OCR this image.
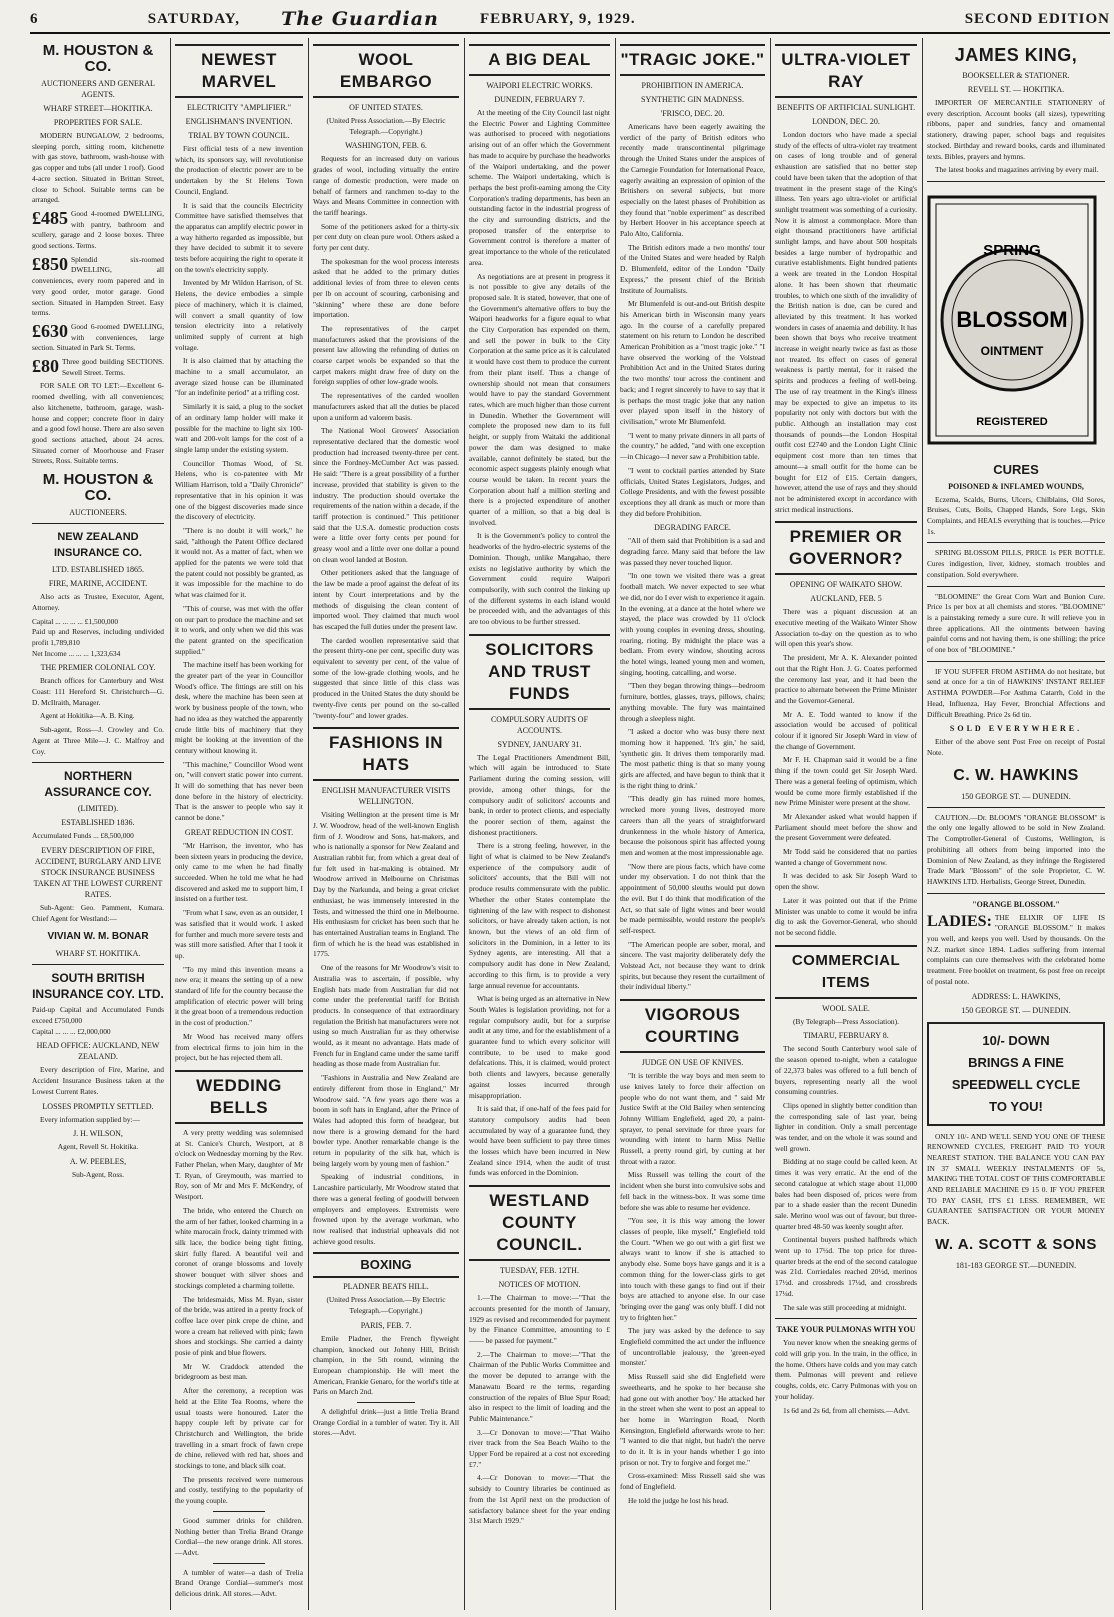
6	SATURDAY,	The Guardian	FEBRUARY, 9, 1929.	SECOND EDITION
M. HOUSTON & CO.
AUCTIONEERS AND GENERAL AGENTS.
WHARF STREET—HOKITIKA.
PROPERTIES FOR SALE.

MODERN BUNGALOW, 2 bedrooms, sleeping porch, sitting room, kitchenette with gas stove, bathroom, wash-house with gas copper and tubs (all under 1 roof). Good 4-acre section. Situated in Brittan Street, close to School. Suitable terms can be arranged.

£485 Good 4-roomed DWELLING, with pantry, bathroom and scullery, garage and 2 loose boxes. Three good sections. Terms.
£850 Splendid six-roomed DWELLING, all conveniences, every room papered and in very good order, motor garage. Good section. Situated in Hampden Street. Easy terms.
£630 Good 6-roomed DWELLING, with conveniences, large section. Situated in Park St. Terms.
£80 Three good building SECTIONS. Sewell Street. Terms.

FOR SALE OR TO LET:—Excellent 6-roomed dwelling, with all conveniences; also kitchenette, bathroom, garage, wash-house and copper; concrete floor in dairy and a good fowl house. There are also seven good sections attached, about 24 acres. Situated corner of Moorhouse and Fraser Streets, Ross. Suitable terms.

M. HOUSTON & CO.
AUCTIONEERS.
NEW ZEALAND INSURANCE CO.
LTD. ESTABLISHED 1865.
FIRE, MARINE, ACCIDENT.

Also acts as Trustee, Executor, Agent, Attorney.

Capital ... ... ... ... £1,500,000
Paid up and Reserves, including undivided profit 1,789,810
Net Income ... ... ... 1,323,634
THE PREMIER COLONIAL COY.

Branch offices for Canterbury and West Coast: 111 Hereford St. Christchurch—G. D. McIlraith, Manager.

Agent at Hokitika—A. B. King.

Sub-agent, Ross—J. Crowley and Co. Agent at Three Mile—J. C. Malfroy and Coy.

NORTHERN ASSURANCE COY.
(LIMITED).
ESTABLISHED 1836.
Accumulated Funds ... £8,500,000
EVERY DESCRIPTION OF FIRE, ACCIDENT, BURGLARY AND LIVE STOCK INSURANCE BUSINESS TAKEN AT THE LOWEST CURRENT RATES.

Sub-Agent: Geo. Pamment, Kumara. Chief Agent for Westland:—

VIVIAN W. M. BONAR
WHARF ST. HOKITIKA.
SOUTH BRITISH INSURANCE COY. LTD.
Paid-up Capital and Accumulated Funds exceed £750,000
Capital ... ... ... £2,000,000
HEAD OFFICE: AUCKLAND, NEW ZEALAND.

Every description of Fire, Marine, and Accident Insurance Business taken at the Lowest Current Rates.

LOSSES PROMPTLY SETTLED.

Every information supplied by:—

J. H. WILSON,
Agent, Revell St. Hokitika.
A. W. PEEBLES,
Sub-Agent, Ross.
NEWEST MARVEL
ELECTRICITY "AMPLIFIER."
ENGLISHMAN'S INVENTION.
TRIAL BY TOWN COUNCIL.

First official tests of a new invention which, its sponsors say, will revolutionise the production of electric power are to be undertaken by the St Helens Town Council, England.

It is said that the councils Electricity Committee have satisfied themselves that the apparatus can amplify electric power in a way hitherto regarded as impossible, but they have decided to submit it to severe tests before acquiring the right to operate it on the town's electricity supply.

Invented by Mr Wildon Harrison, of St. Helens, the device embodies a simple piece of machinery, which it is claimed, will convert a small quantity of low tension electricity into a relatively unlimited supply of current at high voltage.

It is also claimed that by attaching the machine to a small accumulator, an average sized house can be illuminated "for an indefinite period" at a trifling cost.

Similarly it is said, a plug to the socket of an ordinary lamp holder will make it possible for the machine to light six 100-watt and 200-volt lamps for the cost of a single lamp under the existing system.

Councillor Thomas Wood, of St. Helens, who is co-patentee with Mr William Harrison, told a "Daily Chronicle" representative that in his opinion it was one of the biggest discoveries made since the discovery of electricity.

"There is no doubt it will work," he said, "although the Patent Office declared it would not. As a matter of fact, when we applied for the patents we were told that the patent could not possibly be granted, as it was impossible for the machine to do what was claimed for it.

"This of course, was met with the offer on our part to produce the machine and set it to work, and only when we did this was the patent granted on the specification supplied."

The machine itself has been working for the greater part of the year in Councillor Wood's office. The fittings are still on his desk, where the machine has been seen at work by business people of the town, who had no idea as they watched the apparently crude little bits of machinery that they might be looking at the invention of the century without knowing it.

"This machine," Councillor Wood went on, "will convert static power into current. It will do something that has never been done before in the history of electricity. That is the answer to people who say it cannot be done."

GREAT REDUCTION IN COST.

"Mr Harrison, the inventor, who has been sixteen years in producing the device, only came to me when he had finally succeeded. When he told me what he had discovered and asked me to support him, I insisted on a further test.

"From what I saw, even as an outsider, I was satisfied that it would work. I asked for further and much more severe tests and was still more satisfied. After that I took it up.

"To my mind this invention means a new era; it means the setting up of a new standard of life for the country because the amplification of electric power will bring it the great boon of a tremendous reduction in the cost of production."

Mr Wood has received many offers from electrical firms to join him in the project, but he has rejected them all.

WEDDING BELLS

A very pretty wedding was solemnised at St. Canice's Church, Westport, at 8 o'clock on Wednesday morning by the Rev. Father Phelan, when Mary, daughter of Mr T. Ryan, of Greymouth, was married to Roy, son of Mr and Mrs F. McKendry, of Westport.

The bride, who entered the Church on the arm of her father, looked charming in a white marocain frock, dainty trimmed with silk lace, the bodice being tight fitting, skirt fully flared. A beautiful veil and coronet of orange blossoms and lovely shower bouquet with silver shoes and stockings completed a charming toilette.

The bridesmaids, Miss M. Ryan, sister of the bride, was attired in a pretty frock of coffee lace over pink crepe de chine, and wore a cream hat relieved with pink; fawn shoes and stockings. She carried a dainty posie of pink and blue flowers.

Mr W. Craddock attended the bridegroom as best man.

After the ceremony, a reception was held at the Elite Tea Rooms, where the usual toasts were honoured. Later the happy couple left by private car for Christchurch and Wellington, the bride travelling in a smart frock of fawn crepe de chine, relieved with red hat, shoes and stockings to tone, and black silk coat.

The presents received were numerous and costly, testifying to the popularity of the young couple.

Good summer drinks for children. Nothing better than Trelia Brand Orange Cordial—the new orange drink. All stores.—Advt.

A tumbler of water—a dash of Trelia Brand Orange Cordial—summer's most delicious drink. All stores.—Advt.

WOOL EMBARGO
OF UNITED STATES.
(United Press Association.—By Electric Telegraph.—Copyright.)
WASHINGTON, FEB. 6.

Requests for an increased duty on various grades of wool, including virtually the entire range of domestic production, were made on behalf of farmers and ranchmen to-day to the Ways and Means Committee in connection with the tariff hearings.

Some of the petitioners asked for a thirty-six per cent duty on clean pure wool. Others asked a forty per cent duty.

The spokesman for the wool process interests asked that he added to the primary duties additional levies of from three to eleven cents per lb on account of scouring, carbonising and "skinning" where these are done before importation.

The representatives of the carpet manufacturers asked that the provisions of the present law allowing the refunding of duties on coarse carpet wools be expanded so that the carpet makers might draw free of duty on the foreign supplies of other low-grade wools.

The representatives of the carded woollen manufacturers asked that all the duties be placed upon a uniform ad valorem basis.

The National Wool Growers' Association representative declared that the domestic wool production had increased twenty-three per cent. since the Fordney-McCumber Act was passed. He said: "There is a great possibility of a further increase, provided that stability is given to the industry. The production should overtake the requirements of the nation within a decade, if the tariff protection is continued." This petitioner said that the U.S.A. domestic production costs were a little over forty cents per pound for greasy wool and a little over one dollar a pound on clean wool landed at Boston.

Other petitioners asked that the language of the law be made a proof against the defeat of its intent by Court interpretations and by the methods of disguising the clean content of imported wool. They claimed that much wool has escaped the full duties under the present law.

The carded woollen representative said that the present thirty-one per cent, specific duty was equivalent to seventy per cent, of the value of some of the low-grade clothing wools, and he suggested that since little of this class was produced in the United States the duty should be twenty-five cents per pound on the so-called "twenty-four" and lower grades.

FASHIONS IN HATS
ENGLISH MANUFACTURER VISITS WELLINGTON.

Visiting Wellington at the present time is Mr J. W. Woodrow, head of the well-known English firm of J. Woodrow and Sons, hat-makers, and who is nationally a sponsor for New Zealand and Australian rabbit fur, from which a great deal of fur felt used in hat-making is obtained. Mr Woodrow arrived in Melbourne on Christmas Day by the Narkunda, and being a great cricket enthusiast, he was immensely interested in the Tests, and witnessed the third one in Melbourne. His enthusiasm for cricket has been such that he has entertained Australian teams in England. The firm of which he is the head was established in 1775.

One of the reasons for Mr Woodrow's visit to Australia was to ascertain, if possible, why English hats made from Australian fur did not come under the preferential tariff for British products. In consequence of that extraordinary regulation the British hat manufacturers were not using so much Australian fur as they otherwise would, as it meant no advantage. Hats made of French fur in England came under the same tariff heading as those made from Australian fur.

"Fashions in Australia and New Zealand are entirely different from those in England," Mr Woodrow said. "A few years ago there was a boom in soft hats in England, after the Prince of Wales had adopted this form of headgear, but now there is a growing demand for the hard bowler type. Another remarkable change is the return in popularity of the silk hat, which is being largely worn by young men of fashion."

Speaking of industrial conditions, in Lancashire particularly, Mr Woodrow stated that there was a general feeling of goodwill between employers and employees. Extremists were frowned upon by the average workman, who now realised that industrial upheavals did not achieve good results.

BOXING
PLADNER BEATS HILL.
(United Press Association.—By Electric Telegraph.—Copyright.)
PARIS, FEB. 7.

Emile Pladner, the French flyweight champion, knocked out Johnny Hill, British champion, in the 5th round, winning the European championship. He will meet the American, Frankie Genaro, for the world's title at Paris on March 2nd.

A delightful drink—just a little Trelia Brand Orange Cordial in a tumbler of water. Try it. All stores.—Advt.

A BIG DEAL
WAIPORI ELECTRIC WORKS.
DUNEDIN, FEBRUARY 7.

At the meeting of the City Council last night the Electric Power and Lighting Committee was authorised to proceed with negotiations arising out of an offer which the Government has made to acquire by purchase the headworks of the Waipori undertaking, and the power scheme. The Waipori undertaking, which is perhaps the best profit-earning among the City Corporation's trading departments, has been an outstanding factor in the industrial progress of the city and surrounding districts, and the proposed transfer of the enterprise to Government control is therefore a matter of great importance to the whole of the reticulated area.

As negotiations are at present in progress it is not possible to give any details of the proposed sale. It is stated, however, that one of the Government's alternative offers to buy the Waipori headworks for a figure equal to what the City Corporation has expended on them, and sell the power in bulk to the City Corporation at the same price as it is calculated it would have cost them to produce the current from their plant itself. Thus a change of ownership should not mean that consumers would have to pay the standard Government rates, which are much higher than those current in Dunedin. Whether the Government will complete the proposed new dam to its full height, or supply from Waitaki the additional power the dam was designed to make available, cannot definitely be stated, but the economic aspect suggests plainly enough what course would be taken. In recent years the Corporation about half a million sterling and there is a projected expenditure of another quarter of a million, so that a big deal is involved.

It is the Government's policy to control the headworks of the hydro-electric systems of the Dominion. Though, unlike Mangahao, there exists no legislative authority by which the Government could require Waipori compulsorily, with such control the linking up of the different systems in each island would be proceeded with, and the advantages of this are too obvious to be further stressed.

SOLICITORS AND TRUST FUNDS
COMPULSORY AUDITS OF ACCOUNTS.
SYDNEY, JANUARY 31.

The Legal Practitioners Amendment Bill, which will again be introduced to State Parliament during the coming session, will provide, among other things, for the compulsory audit of solicitors' accounts and bank, in order to protect clients, and especially the poorer section of them, against the dishonest practitioners.

There is a strong feeling, however, in the light of what is claimed to be New Zealand's experience of the compulsory audit of solicitors' accounts, that the Bill will not produce results commensurate with the public. Whether the other States contemplate the tightening of the law with respect to dishonest solicitors, or have already taken action, is not known, but the views of an old firm of solicitors in the Dominion, in a letter to its Sydney agents, are interesting. All that a compulsory audit has done in New Zealand, according to this firm, is to provide a very large annual revenue for accountants.

What is being urged as an alternative in New South Wales is legislation providing, not for a regular compulsory audit, but for a surprise audit at any time, and for the establishment of a guarantee fund to which every solicitor will contribute, to be used to make good defalcations. This, it is claimed, would protect both clients and lawyers, because generally against losses incurred through misappropriation.

It is said that, if one-half of the fees paid for statutory compulsory audits had been accumulated by way of a guarantee fund, they would have been sufficient to pay three times the losses which have been incurred in New Zealand since 1914, when the audit of trust funds was enforced in the Dominion.

WESTLAND COUNTY COUNCIL.
TUESDAY, FEB. 12TH.
NOTICES OF MOTION.

1.—The Chairman to move:—"That the accounts presented for the month of January, 1929 as revised and recommended for payment by the Finance Committee, amounting to £—— be passed for payment."

2.—The Chairman to move:—"That the Chairman of the Public Works Committee and the mover be deputed to arrange with the Manawatu Board re the terms, regarding construction of the repairs of Blue Spur Road; also in respect to the limit of loading and the Public Maintenance."

3.—Cr Donovan to move:—"That Waiho river track from the Sea Beach Waiho to the Upper Ford be repaired at a cost not exceeding £7."

4.—Cr Donovan to move:—"That the subsidy to Country libraries be continued as from the 1st April next on the production of satisfactory balance sheet for the year ending 31st March 1929."

"TRAGIC JOKE."
PROHIBITION IN AMERICA.
SYNTHETIC GIN MADNESS.
'FRISCO, DEC. 20.

Americans have been eagerly awaiting the verdict of the party of British editors who recently made transcontinental pilgrimage through the United States under the auspices of the Carnegie Foundation for International Peace, eagerly awaiting an expression of opinion of the Britishers on several subjects, but more especially on the latest phases of Prohibition as they found that "noble experiment" as described by Herbert Hoover in his acceptance speech at Palo Alto, California.

The British editors made a two months' tour of the United States and were headed by Ralph D. Blumenfeld, editor of the London "Daily Express," the present chief of the British Institute of Journalists.

Mr Blumenfeld is out-and-out British despite his American birth in Wisconsin many years ago. In the course of a carefully prepared statement on his return to London he described American Prohibition as a "most tragic joke." "I have observed the working of the Volstead Prohibition Act and in the United States during the two months' tour across the continent and back; and I regret sincerely to have to say that it is perhaps the most tragic joke that any nation ever played upon itself in the history of civilisation," wrote Mr Blumenfeld.

"I went to many private dinners in all parts of the country," he added, "and with one exception—in Chicago—I never saw a Prohibition table.

"I went to cocktail parties attended by State officials, United States Legislators, Judges, and College Presidents, and with the fewest possible exceptions they all drank as much or more than they did before Prohibition.

DEGRADING FARCE.

"All of them said that Prohibition is a sad and degrading farce. Many said that before the law was passed they never touched liquor.

"In one town we visited there was a great football match. We never expected to see what we did, nor do I ever wish to experience it again. In the evening, at a dance at the hotel where we stayed, the place was crowded by 11 o'clock with young couples in evening dress, shouting, roaring, rioting. By midnight the place was a bedlam. From every window, shouting across the hotel wings, leaned young men and women, singing, hooting, catcalling, and worse.

"Then they began throwing things—bedroom furniture, bottles, glasses, trays, pillows, chairs; anything movable. The fury was maintained through a sleepless night.

"I asked a doctor who was busy there next morning how it happened. 'It's gin,' he said, 'synthetic gin. It drives them temporarily mad. The most pathetic thing is that so many young girls are affected, and have begun to think that it is the right thing to drink.'

"This deadly gin has ruined more homes, wrecked more young lives, destroyed more careers than all the years of straightforward drunkenness in the whole history of America, because the poisonous spirit has affected young men and women at the most impressionable age.

"Now there are pious facts, which have come under my observation. I do not think that the appointment of 50,000 sleuths would put down the evil. But I do think that modification of the Act, so that sale of light wines and beer would be made permissible, would restore the people's self-respect.

"The American people are sober, moral, and sincere. The vast majority deliberately defy the Volstead Act, not because they want to drink spirits, but because they resent the curtailment of their individual liberty."

VIGOROUS COURTING
JUDGE ON USE OF KNIVES.

"It is terrible the way boys and men seem to use knives lately to force their affection on people who do not want them, and " said Mr Justice Swift at the Old Bailey when sentencing Johnny William Englefield, aged 20, a paint-sprayer, to penal servitude for three years for wounding with intent to harm Miss Nellie Russell, a pretty round girl, by cutting at her throat with a razor.

Miss Russell was telling the court of the incident when she burst into convulsive sobs and fell back in the witness-box. It was some time before she was able to resume her evidence.

"You see, it is this way among the lower classes of people, like myself," Englefield told the Court. "When we go out with a girl first we always want to know if she is attached to anybody else. Some boys have gangs and it is a common thing for the lower-class girls to get into touch with these gangs to find out if their boys are attached to anyone else. In our case 'bringing over the gang' was only bluff. I did not try to frighten her."

The jury was asked by the defence to say Englefield committed the act under the influence of uncontrollable jealousy, the 'green-eyed monster.'

Miss Russell said she did Englefield were sweethearts, and he spoke to her because she had gone out with another 'boy.' He attacked her in the street when she went to post an appeal to her home in Warrington Road, North Kensington, Englefield afterwards wrote to her: "I wanted to die that night, but hadn't the nerve to do it. It is in your hands whether I go into prison or not. Try to forgive and forget me."

Cross-examined: Miss Russell said she was fond of Englefield.

He told the judge he lost his head.

ULTRA-VIOLET RAY
BENEFITS OF ARTIFICIAL SUNLIGHT.
LONDON, DEC. 20.

London doctors who have made a special study of the effects of ultra-violet ray treatment on cases of long trouble and of general exhaustion are satisfied that no better step could have been taken that the adoption of that treatment in the present stage of the King's illness. Ten years ago ultra-violet or artificial sunlight treatment was something of a curiosity. Now it is almost a commonplace. More than eight thousand practitioners have artificial sunlight lamps, and have about 500 hospitals besides a large number of hydropathic and curative establishments. Eight hundred patients a week are treated in the London Hospital alone. It has been shown that rheumatic troubles, to which one sixth of the invalidity of the British nation is due, can be cured and alleviated by this treatment. It has worked wonders in cases of anaemia and debility. It has been shown that boys who receive treatment increase in weight nearly twice as fast as those not treated. Its effect on cases of general weakness is partly mental, for it raised the spirits and produces a feeling of well-being. The use of ray treatment in the King's illness may be expected to give an impetus to its popularity not only with doctors but with the public. Although an installation may cost thousands of pounds—the London Hospital outfit cost £2740 and the London Light Clinic equipment cost more than ten times that amount—a small outfit for the home can be bought for £12 of £15. Certain dangers, however, attend the use of rays and they should not be administered except in accordance with strict medical instructions.

PREMIER OR GOVERNOR?
OPENING OF WAIKATO SHOW.
AUCKLAND, FEB. 5

There was a piquant discussion at an executive meeting of the Waikato Winter Show Association to-day on the question as to who will open this year's show.

The president, Mr A. K. Alexander pointed out that the Right Hon. J. G. Coates performed the ceremony last year, and it had been the practice to alternate between the Prime Minister and the Governor-General.

Mr A. E. Todd wanted to know if the association would be accused of political colour if it ignored Sir Joseph Ward in view of the change of Government.

Mr F. H. Chapman said it would be a fine thing if the town could get Sir Joseph Ward. There was a general feeling of optimism, which would be come more firmly established if the new Prime Minister were present at the show.

Mr Alexander asked what would happen if Parliament should meet before the show and the present Government were defeated.

Mr Todd said he considered that no parties wanted a change of Government now.

It was decided to ask Sir Joseph Ward to open the show.

Later it was pointed out that if the Prime Minister was unable to come it would be infra dig to ask the Governor-General, who should not be second fiddle.

COMMERCIAL ITEMS
WOOL SALE.
(By Telegraph—Press Association).
TIMARU, FEBRUARY 8.

The second South Canterbury wool sale of the season opened to-night, when a catalogue of 22,373 bales was offered to a full bench of buyers, representing nearly all the wool consuming countries.

Clips opened in slightly better condition than the corresponding sale of last year, being lighter in condition. Only a small percentage was tender, and on the whole it was sound and well grown.

Bidding at no stage could be called keen. At times it was very erratic. At the end of the second catalogue at which stage about 11,000 bales had been disposed of, prices were from par to a shade easier than the recent Dunedin sale. Merino wool was out of favour, but three-quarter bred 48-50 was keenly sought after.

Continental buyers pushed halfbreds which went up to 17½d. The top price for three-quarter breds at the end of the second catalogue was 21d. Corriedales reached 20½d, merinos 17½d. and crossbreds 17¼d, and crossbreds 17¼d.

The sale was still proceeding at midnight.

TAKE YOUR PULMONAS WITH YOU

You never know when the sneaking germs of cold will grip you. In the train, in the office, in the home. Others have colds and you may catch them. Pulmonas will prevent and relieve coughs, colds, etc. Carry Pulmonas with you on your holiday.

1s 6d and 2s 6d, from all chemists.—Advt.

JAMES KING,
BOOKSELLER & STATIONER.
REVELL ST. — HOKITIKA.

IMPORTER OF MERCANTILE STATIONERY of every description. Account books (all sizes), typewriting ribbons, paper and sundries, fancy and ornamental stationery, drawing paper, school bags and requisites stocked. Birthday and reward books, cards and illuminated texts. Bibles, prayers and hymns.

The latest books and magazines arriving by every mail.

SPRING
BLOSSOM
OINTMENT
REGISTERED
CURES
POISONED & INFLAMED WOUNDS,

Eczema, Scalds, Burns, Ulcers, Chilblains, Old Sores, Bruises, Cuts, Boils, Chapped Hands, Sore Legs, Skin Complaints, and HEALS everything that is touches.—Price 1s.

SPRING BLOSSOM PILLS, PRICE 1s PER BOTTLE. Cures indigestion, liver, kidney, stomach troubles and constipation. Sold everywhere.

"BLOOMINE" the Great Corn Wart and Bunion Cure. Price 1s per box at all chemists and stores. "BLOOMINE" is a painstaking remedy a sure cure. It will relieve you in three applications. All the ointments between having painful corns and not having them, is one shilling; the price of one box of "BLOOMINE."

IF YOU SUFFER FROM ASTHMA do not hesitate, but send at once for a tin of HAWKINS' INSTANT RELIEF ASTHMA POWDER—For Asthma Catarrh, Cold in the Head, Influenza, Hay Fever, Bronchial Affections and Difficult Breathing. Price 2s 6d tin.

SOLD EVERYWHERE.

Either of the above sent Post Free on receipt of Postal Note.

C. W. HAWKINS
150 GEORGE ST. — DUNEDIN.

CAUTION.—Dr. BLOOM'S "ORANGE BLOSSOM" is the only one legally allowed to be sold in New Zealand. The Comptroller-General of Customs, Wellington, is prohibiting all others from being imported into the Dominion of New Zealand, as they infringe the Registered Trade Mark "Blossom" of the sole Proprietor, C. W. HAWKINS LTD. Herbalists, George Street, Dunedin.

"ORANGE BLOSSOM."
LADIES: THE ELIXIR OF LIFE IS "ORANGE BLOSSOM." It makes you well, and keeps you well. Used by thousands. On the N.Z. market since 1894. Ladies suffering from internal complaints can cure themselves with the celebrated home treatment. Free booklet on treatment, 6s post free on receipt of postal note.
ADDRESS: L. HAWKINS,
150 GEORGE ST. — DUNEDIN.
10/- DOWN
BRINGS A FINE
SPEEDWELL CYCLE
TO YOU!

ONLY 10/- AND WE'LL SEND YOU ONE OF THESE RENOWNED CYCLES, FREIGHT PAID TO YOUR NEAREST STATION. THE BALANCE YOU CAN PAY IN 37 SMALL WEEKLY INSTALMENTS OF 5s, MAKING THE TOTAL COST OF THIS COMFORTABLE AND RELIABLE MACHINE £9 15 0. IF YOU PREFER TO PAY CASH, IT'S £1 LESS. REMEMBER, WE GUARANTEE SATISFACTION OR YOUR MONEY BACK.

W. A. SCOTT & SONS
181-183 GEORGE ST.—DUNEDIN.
